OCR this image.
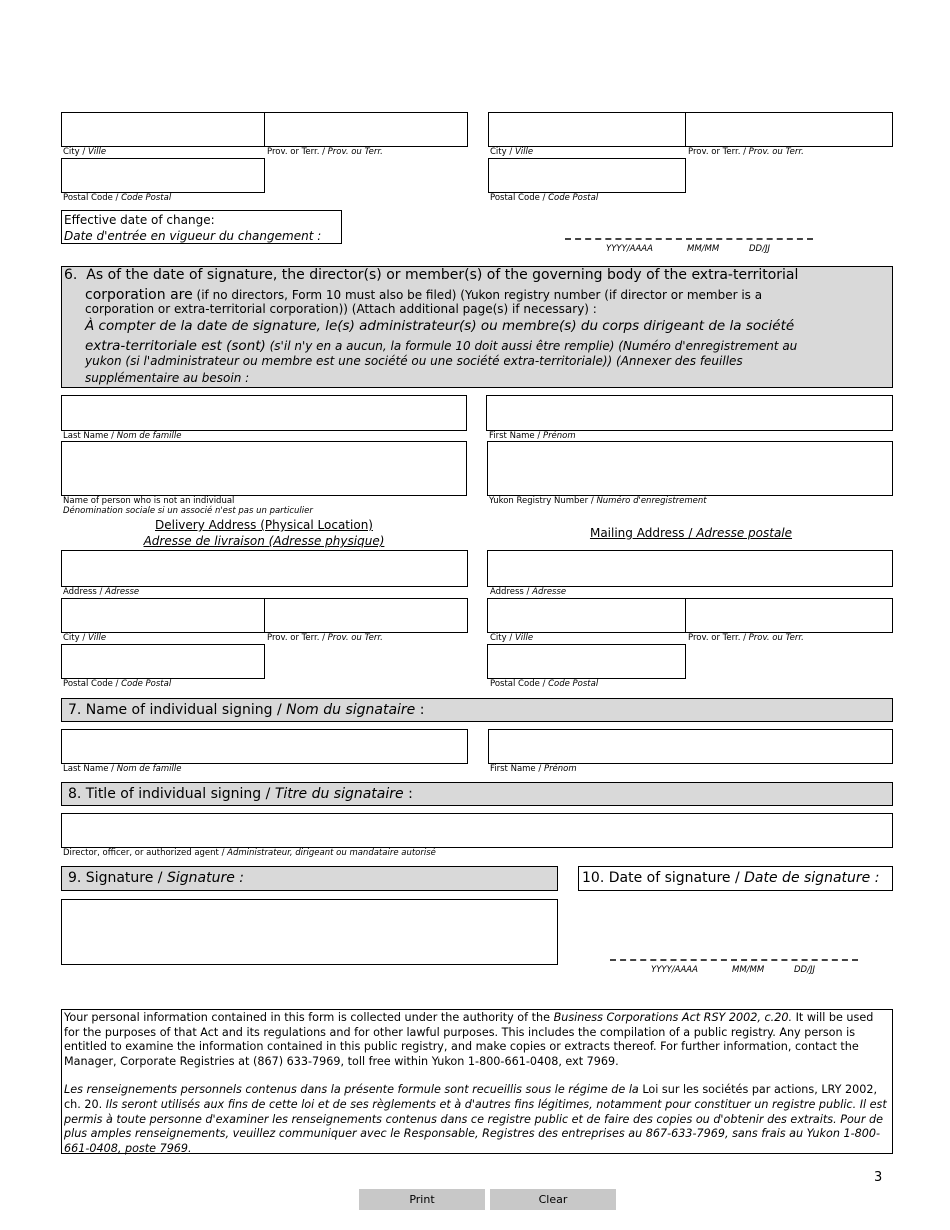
City / Ville	Prov. or Terr. / Prov. ou Terr.	City / Ville	Prov. or Terr. / Prov. ou Terr.
Postal Code / Code Postal	Postal Code / Code Postal
Effective date of change:
Date d'entrée en vigueur du changement :
YYYY/AAAA	MM/MM	DD/JJ
6. As of the date of signature, the director(s) or member(s) of the governing body of the extra-territorial
corporation are (if no directors, Form 10 must also be filed) (Yukon registry number (if director or member is a
corporation or extra-territorial corporation)) (Attach additional page(s) if necessary) :
À compter de la date de signature, le(s) administrateur(s) ou membre(s) du corps dirigeant de la société
extra-territoriale est (sont) (s'il n'y en a aucun, la formule 10 doit aussi être remplie) (Numéro d'enregistrement au
yukon (si l'administrateur ou membre est une société ou une société extra-territoriale)) (Annexer des feuilles
supplémentaire au besoin :
Last Name / Nom de famille	First Name / Prénom
Name of person who is not an individual
Dénomination sociale si un associé n'est pas un particulier
Yukon Registry Number / Numéro d'enregistrement
Delivery Address (Physical Location)
Adresse de livraison (Adresse physique)
Mailing Address / Adresse postale
Address / Adresse	Address / Adresse
City / Ville	Prov. or Terr. / Prov. ou Terr.	City / Ville	Prov. or Terr. / Prov. ou Terr.
Postal Code / Code Postal	Postal Code / Code Postal
7. Name of individual signing / Nom du signataire :
Last Name / Nom de famille	First Name / Prénom
8. Title of individual signing / Titre du signataire :
Director, officer, or authorized agent / Administrateur, dirigeant ou mandataire autorisé
9. Signature / Signature :	10. Date of signature / Date de signature :
YYYY/AAAA	MM/MM	DD/JJ

Your personal information contained in this form is collected under the authority of the Business Corporations Act RSY 2002, c.20. It will be used for the purposes of that Act and its regulations and for other lawful purposes. This includes the compilation of a public registry. Any person is entitled to examine the information contained in this public registry, and make copies or extracts thereof. For further information, contact the Manager, Corporate Registries at (867) 633-7969, toll free within Yukon 1-800-661-0408, ext 7969.

Les renseignements personnels contenus dans la présente formule sont recueillis sous le régime de la Loi sur les sociétés par actions, LRY 2002, ch. 20. Ils seront utilisés aux fins de cette loi et de ses règlements et à d'autres fins légitimes, notamment pour constituer un registre public. Il est permis à toute personne d'examiner les renseignements contenus dans ce registre public et de faire des copies ou d'obtenir des extraits. Pour de plus amples renseignements, veuillez communiquer avec le Responsable, Registres des entreprises au 867-633-7969, sans frais au Yukon 1-800-661-0408, poste 7969.

3
Print	Clear
